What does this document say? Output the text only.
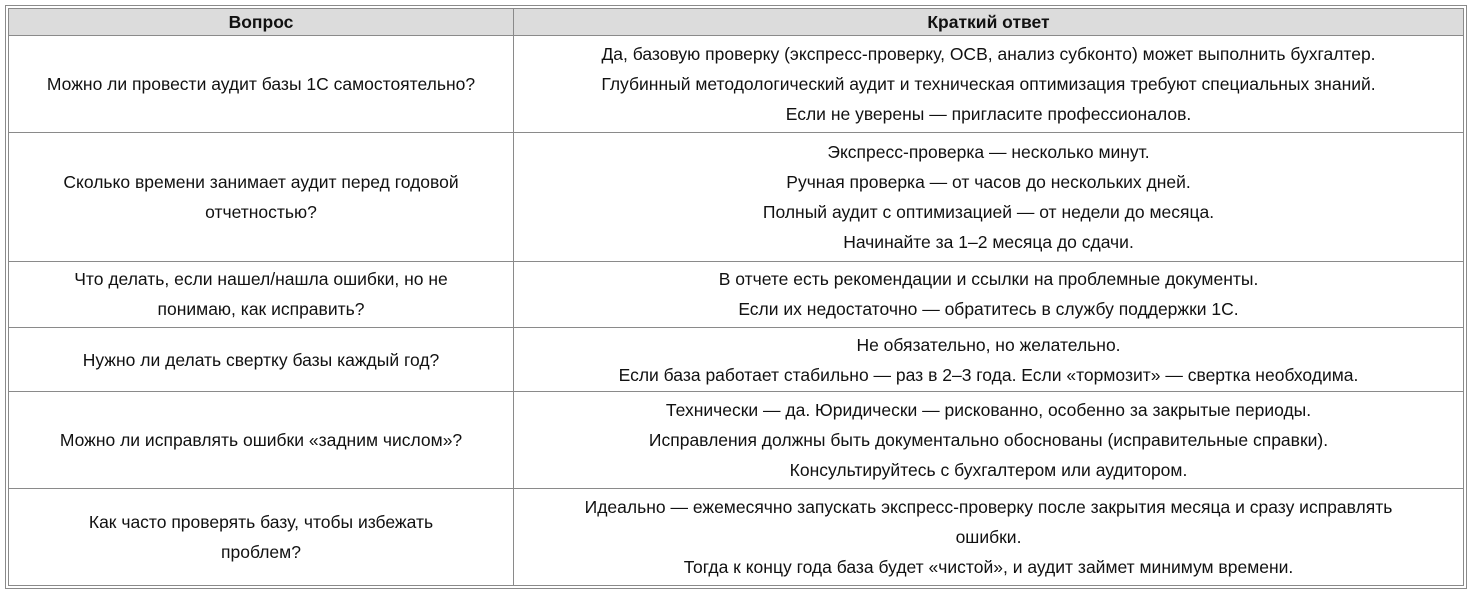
Вопрос	Краткий ответ

Можно ли провести аудит базы 1С самостоятельно?	Да, базовую проверку (экспресс-проверку, ОСВ, анализ субконто) может выполнить бухгалтер.
Глубинный методологический аудит и техническая оптимизация требуют специальных знаний.
Если не уверены — пригласите профессионалов.

Сколько времени занимает аудит перед годовой
отчетностью?	Экспресс-проверка — несколько минут.
Ручная проверка — от часов до нескольких дней.
Полный аудит с оптимизацией — от недели до месяца.
Начинайте за 1–2 месяца до сдачи.

Что делать, если нашел/нашла ошибки, но не
понимаю, как исправить?	В отчете есть рекомендации и ссылки на проблемные документы.
Если их недостаточно — обратитесь в службу поддержки 1С.

Нужно ли делать свертку базы каждый год?	Не обязательно, но желательно.
Если база работает стабильно — раз в 2–3 года. Если «тормозит» — свертка необходима.

Можно ли исправлять ошибки «задним числом»?	Технически — да. Юридически — рискованно, особенно за закрытые периоды.
Исправления должны быть документально обоснованы (исправительные справки).
Консультируйтесь с бухгалтером или аудитором.

Как часто проверять базу, чтобы избежать
проблем?	Идеально — ежемесячно запускать экспресс-проверку после закрытия месяца и сразу исправлять
ошибки.
Тогда к концу года база будет «чистой», и аудит займет минимум времени.
